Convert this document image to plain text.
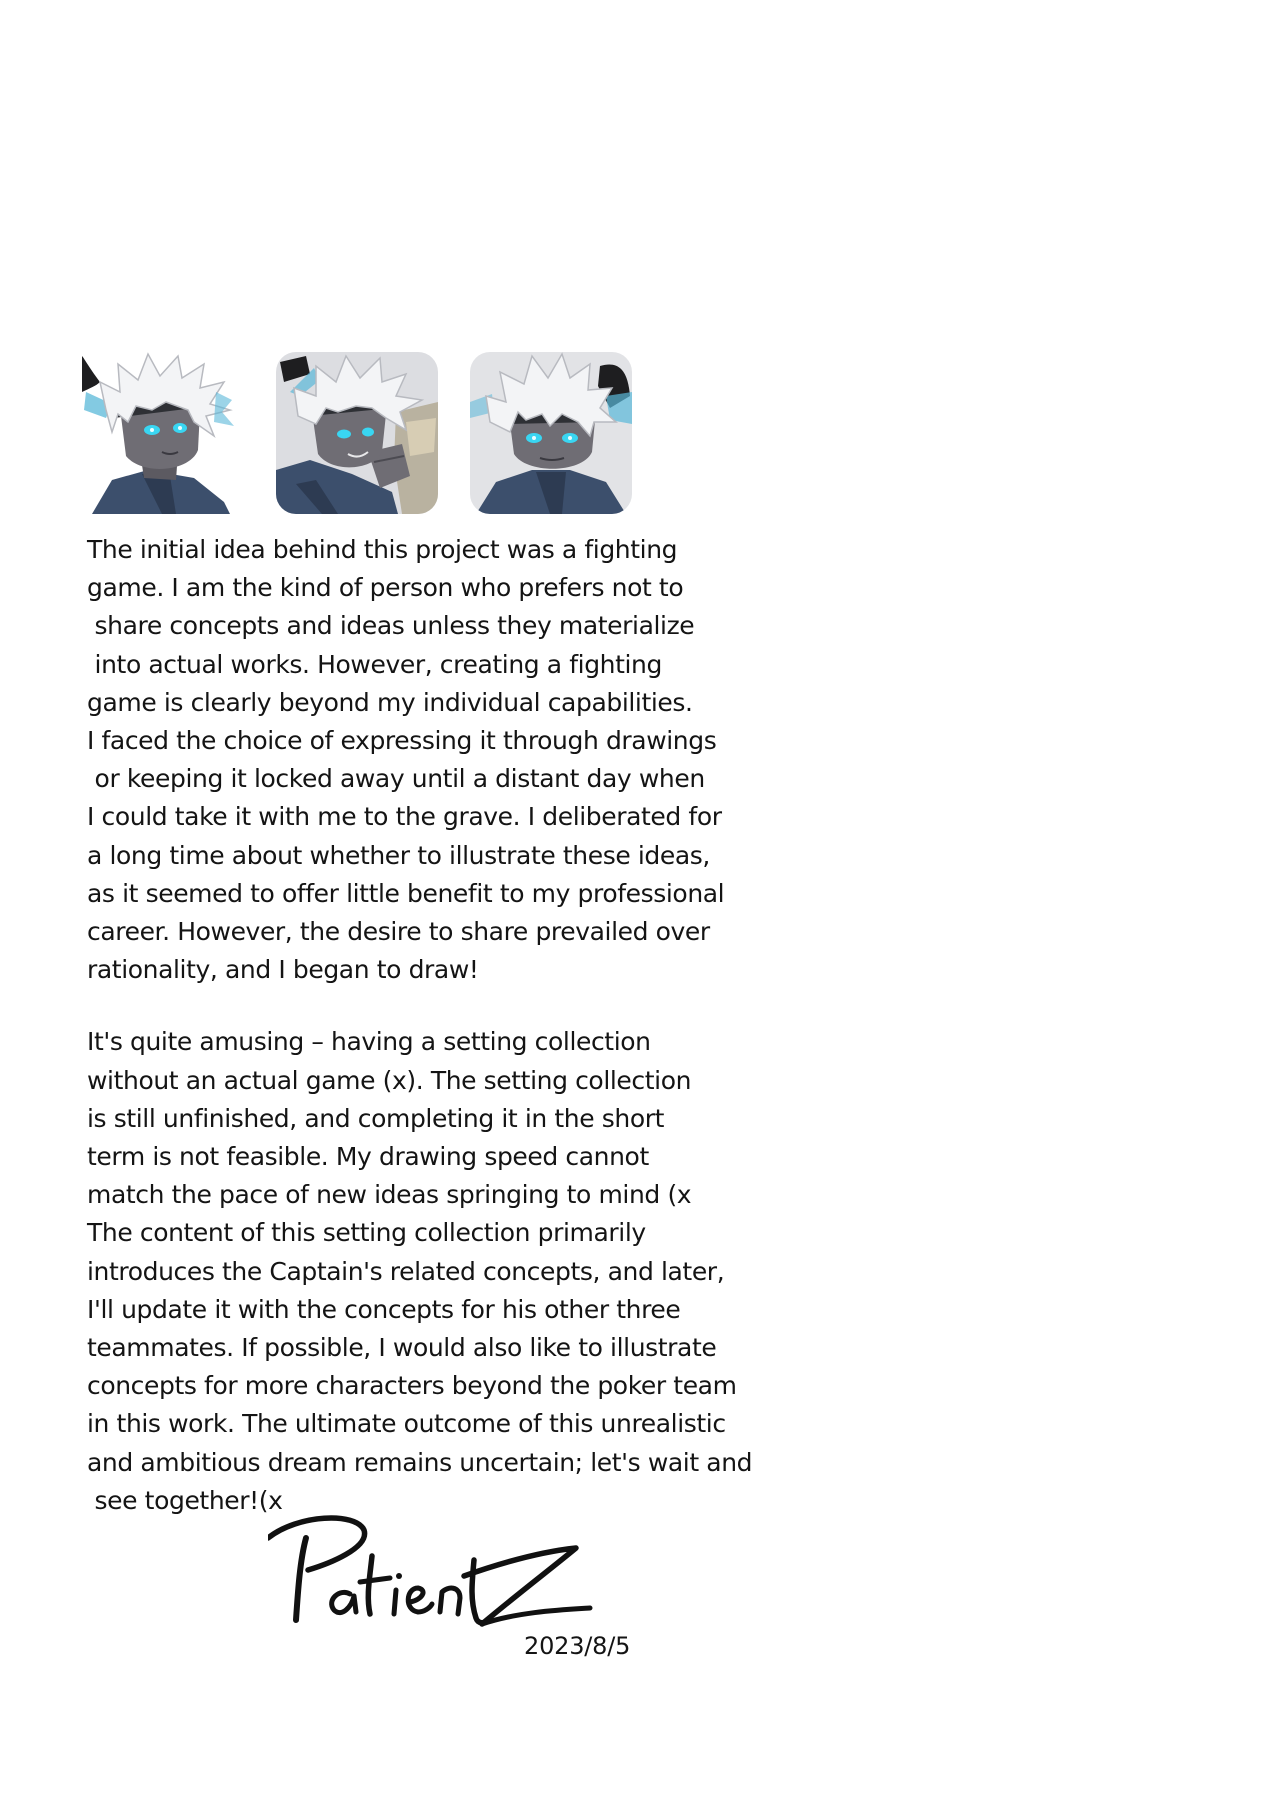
The initial idea behind this project was a fighting
game. I am the kind of person who prefers not to
share concepts and ideas unless they materialize
into actual works. However, creating a fighting
game is clearly beyond my individual capabilities.
I faced the choice of expressing it through drawings
or keeping it locked away until a distant day when
I could take it with me to the grave. I deliberated for
a long time about whether to illustrate these ideas,
as it seemed to offer little benefit to my professional
career. However, the desire to share prevailed over
rationality, and I began to draw!

It's quite amusing – having a setting collection
without an actual game (x). The setting collection
is still unfinished, and completing it in the short
term is not feasible. My drawing speed cannot
match the pace of new ideas springing to mind (x
The content of this setting collection primarily
introduces the Captain's related concepts, and later,
I'll update it with the concepts for his other three
teammates. If possible, I would also like to illustrate
concepts for more characters beyond the poker team
in this work. The ultimate outcome of this unrealistic
and ambitious dream remains uncertain; let's wait and
see together!(x

2023/8/5
